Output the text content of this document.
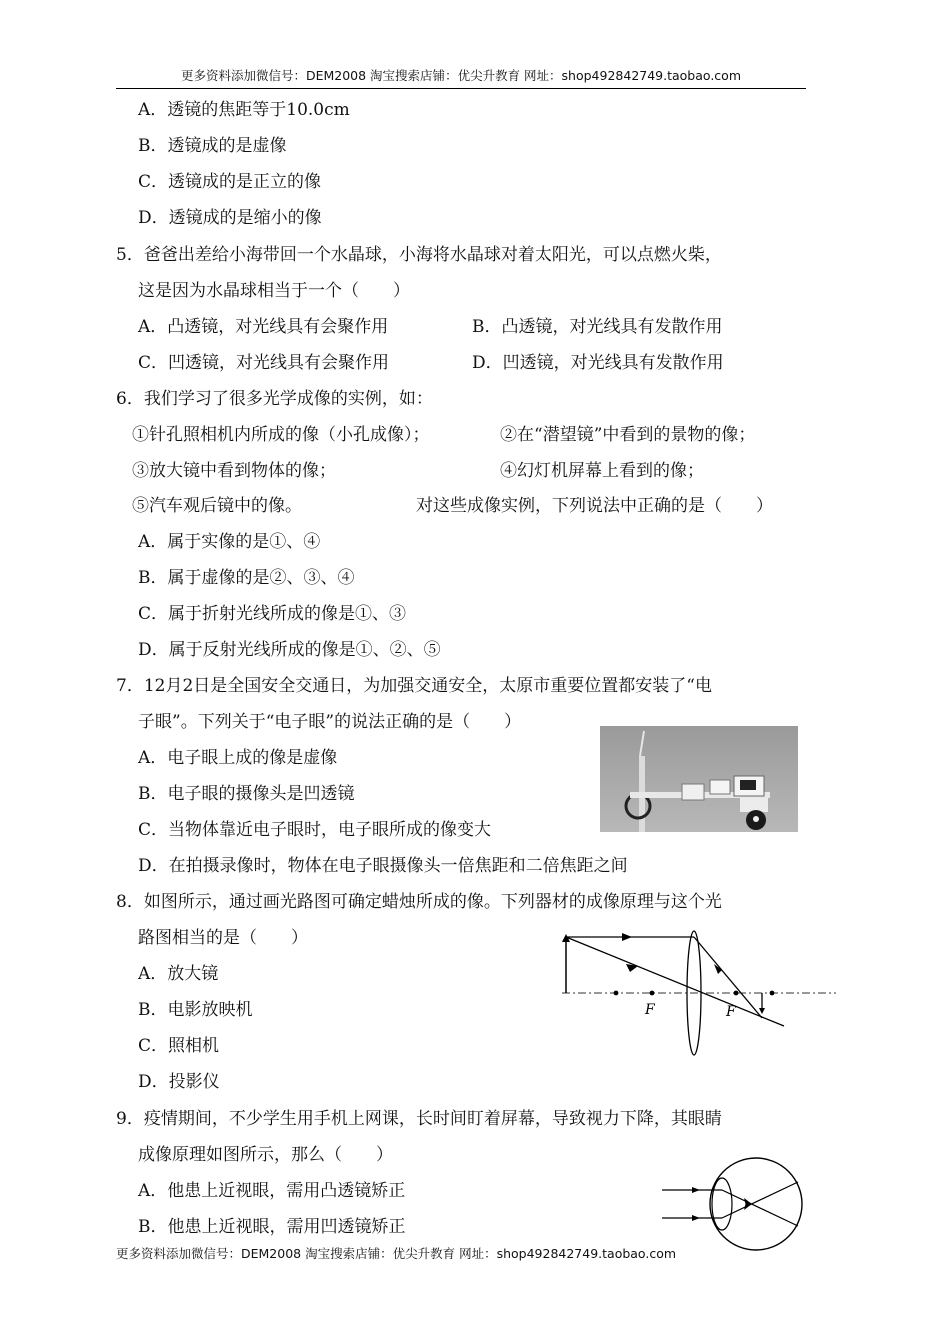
更多资料添加微信号：DEM2008 淘宝搜索店铺：优尖升教育 网址：shop492842749.taobao.com
A．透镜的焦距等于10.0cm
B．透镜成的是虚像
C．透镜成的是正立的像
D．透镜成的是缩小的像
5．爸爸出差给小海带回一个水晶球，小海将水晶球对着太阳光，可以点燃火柴，
这是因为水晶球相当于一个（　　）
A．凸透镜，对光线具有会聚作用	B．凸透镜，对光线具有发散作用
C．凹透镜，对光线具有会聚作用	D．凹透镜，对光线具有发散作用
6．我们学习了很多光学成像的实例，如：
①针孔照相机内所成的像（小孔成像）；	②在“潜望镜”中看到的景物的像；
③放大镜中看到物体的像；	④幻灯机屏幕上看到的像；
⑤汽车观后镜中的像。	对这些成像实例，下列说法中正确的是（　　）
A．属于实像的是①、④
B．属于虚像的是②、③、④
C．属于折射光线所成的像是①、③
D．属于反射光线所成的像是①、②、⑤
7．12月2日是全国安全交通日，为加强交通安全，太原市重要位置都安装了“电
子眼”。下列关于“电子眼”的说法正确的是（　　）
A．电子眼上成的像是虚像
B．电子眼的摄像头是凹透镜
C．当物体靠近电子眼时，电子眼所成的像变大
D．在拍摄录像时，物体在电子眼摄像头一倍焦距和二倍焦距之间
8．如图所示，通过画光路图可确定蜡烛所成的像。下列器材的成像原理与这个光
路图相当的是（　　）
A．放大镜
B．电影放映机
C．照相机
D．投影仪
F	F
9．疫情期间，不少学生用手机上网课，长时间盯着屏幕，导致视力下降，其眼睛
成像原理如图所示，那么（　　）
A．他患上近视眼，需用凸透镜矫正
B．他患上近视眼，需用凹透镜矫正
更多资料添加微信号：DEM2008 淘宝搜索店铺：优尖升教育 网址：shop492842749.taobao.com
